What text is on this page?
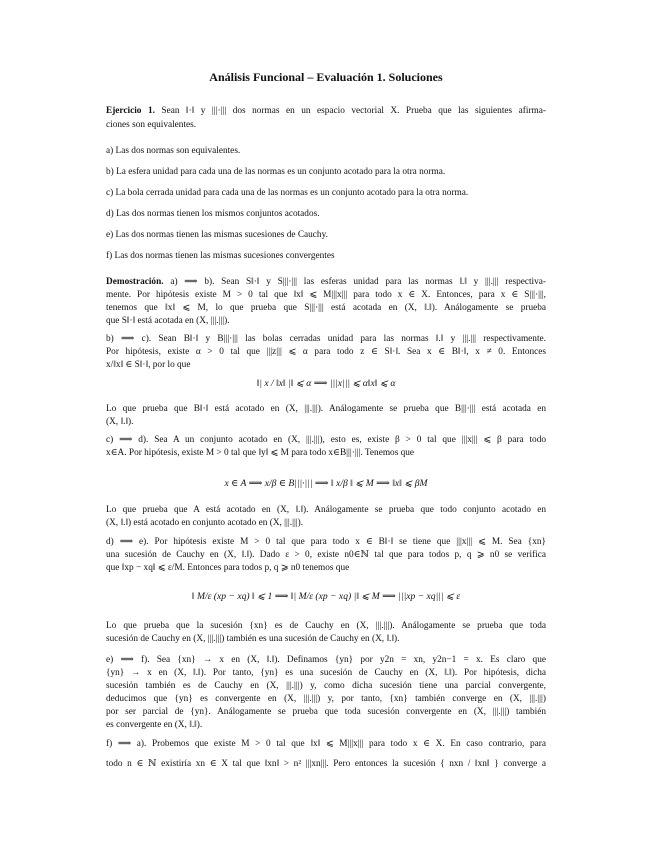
Análisis Funcional – Evaluación 1. Soluciones
Ejercicio 1. Sean ‖·‖ y |||·||| dos normas en un espacio vectorial X. Prueba que las siguientes afirma-
ciones son equivalentes.
a) Las dos normas son equivalentes.
b) La esfera unidad para cada una de las normas es un conjunto acotado para la otra norma.
c) La bola cerrada unidad para cada una de las normas es un conjunto acotado para la otra norma.
d) Las dos normas tienen los mismos conjuntos acotados.
e) Las dos normas tienen las mismas sucesiones de Cauchy.
f) Las dos normas tienen las mismas sucesiones convergentes
Demostración. a) ⟹ b). Sean S‖·‖ y S|||·||| las esferas unidad para las normas ‖.‖ y |||.||| respectiva-
mente. Por hipótesis existe M > 0 tal que ‖x‖ ⩽ M|||x||| para todo x ∈ X. Entonces, para x ∈ S|||·|||,
tenemos que ‖x‖ ⩽ M, lo que prueba que S|||·||| está acotada en (X, ‖.‖). Análogamente se prueba
que S‖·‖ está acotada en (X, |||.|||).
b) ⟹ c). Sean B‖·‖ y B|||·||| las bolas cerradas unidad para las normas ‖.‖ y |||.||| respectivamente.
Por hipótesis, existe α > 0 tal que |||z||| ⩽ α para todo z ∈ S‖·‖. Sea x ∈ B‖·‖, x ≠ 0. Entonces
x/‖x‖ ∈ S‖·‖, por lo que
‖| x / ‖x‖ |‖ ⩽ α ⟹ |||x||| ⩽ α‖x‖ ⩽ α
Lo que prueba que B‖·‖ está acotado en (X, |||.|||). Análogamente se prueba que B|||·||| está acotada en
(X, ‖.‖).
c) ⟹ d). Sea A un conjunto acotado en (X, |||.|||), esto es, existe β > 0 tal que |||x||| ⩽ β para todo
x∈A. Por hipótesis, existe M > 0 tal que ‖y‖ ⩽ M para todo x∈B|||·|||. Tenemos que
x ∈ A ⟹ x/β ∈ B|||·||| ⟹ ‖ x/β ‖ ⩽ M ⟹ ‖x‖ ⩽ βM
Lo que prueba que A está acotado en (X, ‖.‖). Análogamente se prueba que todo conjunto acotado en
(X, ‖.‖) está acotado en conjunto acotado en (X, |||.|||).
d) ⟹ e). Por hipótesis existe M > 0 tal que para todo x ∈ B‖·‖ se tiene que |||x||| ⩽ M. Sea {xn}
una sucesión de Cauchy en (X, ‖.‖). Dado ε > 0, existe n0∈ℕ tal que para todos p, q ⩾ n0 se verifica
que ‖xp − xq‖ ⩽ ε/M. Entonces para todos p, q ⩾ n0 tenemos que
‖ M/ε (xp − xq) ‖ ⩽ 1 ⟹ ‖| M/ε (xp − xq) |‖ ⩽ M ⟹ |||xp − xq||| ⩽ ε
Lo que prueba que la sucesión {xn} es de Cauchy en (X, |||.|||). Análogamente se prueba que toda
sucesión de Cauchy en (X, |||.|||) también es una sucesión de Cauchy en (X, ‖.‖).
e) ⟹ f). Sea {xn} → x en (X, ‖.‖). Definamos {yn} por y2n = xn, y2n−1 = x. Es claro que
{yn} → x en (X, ‖.‖). Por tanto, {yn} es una sucesión de Cauchy en (X, ‖.‖). Por hipótesis, dicha
sucesión también es de Cauchy en (X, |||.|||) y, como dicha sucesión tiene una parcial convergente,
deducimos que {yn} es convergente en (X, |||.|||) y, por tanto, {xn} también converge en (X, |||.|||)
por ser parcial de {yn}. Análogamente se prueba que toda sucesión convergente en (X, |||.|||) también
es convergente en (X, ‖.‖).
f) ⟹ a). Probemos que existe M > 0 tal que ‖x‖ ⩽ M|||x||| para todo x ∈ X. En caso contrario, para
todo n ∈ ℕ existiría xn ∈ X tal que ‖xn‖ > n² |||xn|||. Pero entonces la sucesión { nxn / ‖xn‖ } converge a
